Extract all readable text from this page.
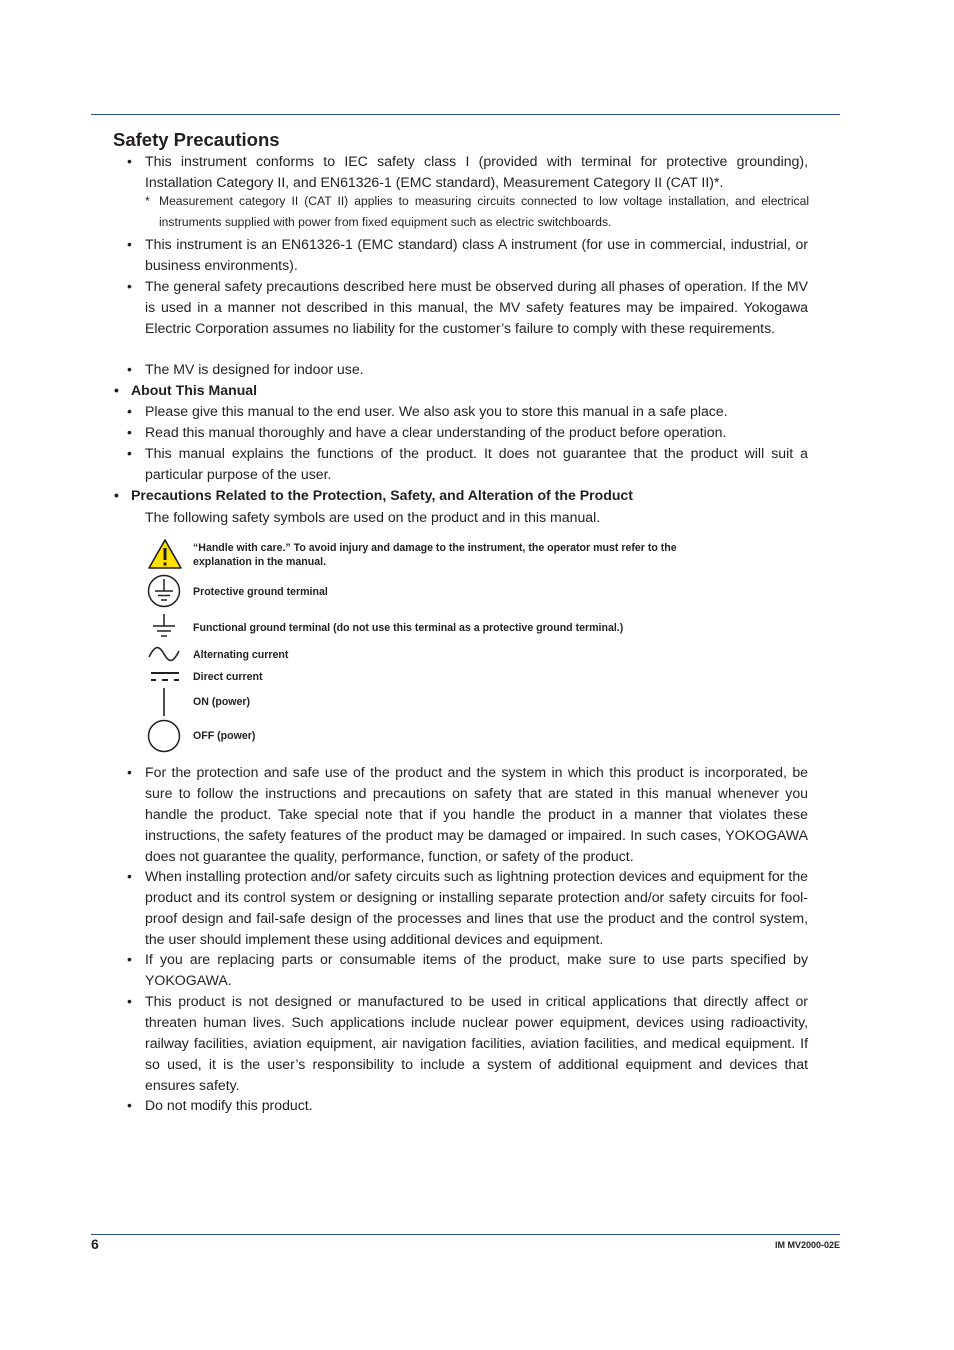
Safety Precautions
• This instrument conforms to IEC safety class I (provided with terminal for protective grounding), Installation Category II, and EN61326-1 (EMC standard), Measurement Category II (CAT II)*.

* Measurement category II (CAT II) applies to measuring circuits connected to low voltage installation, and electrical instruments supplied with power from fixed equipment such as electric switchboards.

• This instrument is an EN61326-1 (EMC standard) class A instrument (for use in commercial, industrial, or business environments).

• The general safety precautions described here must be observed during all phases of operation. If the MV is used in a manner not described in this manual, the MV safety features may be impaired. Yokogawa Electric Corporation assumes no liability for the customer’s failure to comply with these requirements.

• The MV is designed for indoor use.

• About This Manual
• Please give this manual to the end user. We also ask you to store this manual in a safe place.

• Read this manual thoroughly and have a clear understanding of the product before operation.

• This manual explains the functions of the product. It does not guarantee that the product will suit a particular purpose of the user.

• Precautions Related to the Protection, Safety, and Alteration of the Product

The following safety symbols are used on the product and in this manual.

“Handle with care.” To avoid injury and damage to the instrument, the operator must refer to the explanation in the manual.

Protective ground terminal

Functional ground terminal (do not use this terminal as a protective ground terminal.)

Alternating current

Direct current

ON (power)

OFF (power)

• For the protection and safe use of the product and the system in which this product is incorporated, be sure to follow the instructions and precautions on safety that are stated in this manual whenever you handle the product. Take special note that if you handle the product in a manner that violates these instructions, the safety features of the product may be damaged or impaired. In such cases, YOKOGAWA does not guarantee the quality, performance, function, or safety of the product.

• When installing protection and/or safety circuits such as lightning protection devices and equipment for the product and its control system or designing or installing separate protection and/or safety circuits for fool-proof design and fail-safe design of the processes and lines that use the product and the control system, the user should implement these using additional devices and equipment.

• If you are replacing parts or consumable items of the product, make sure to use parts specified by YOKOGAWA.

• This product is not designed or manufactured to be used in critical applications that directly affect or threaten human lives. Such applications include nuclear power equipment, devices using radioactivity, railway facilities, aviation equipment, air navigation facilities, aviation facilities, and medical equipment. If so used, it is the user’s responsibility to include a system of additional equipment and devices that ensures safety.

• Do not modify this product.

6	IM MV2000-02E
